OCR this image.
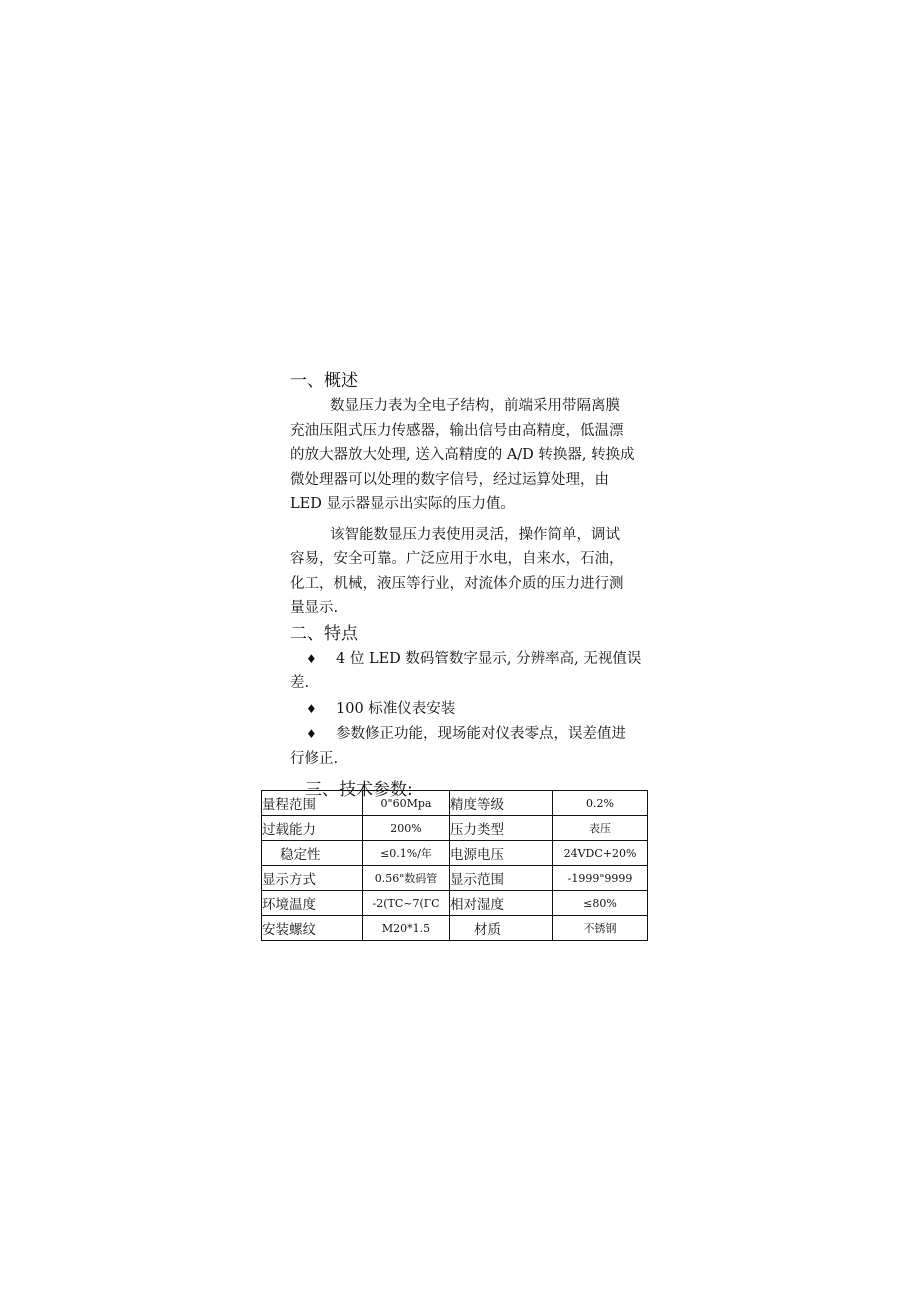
一、概述

数显压力表为全电子结构，前端采用带隔离膜
充油压阻式压力传感器，输出信号由高精度，低温漂
的放大器放大处理, 送入高精度的 A/D 转换器, 转换成
微处理器可以处理的数字信号，经过运算处理，由
LED 显示器显示出实际的压力值。

该智能数显压力表使用灵活，操作简单，调试
容易，安全可靠。广泛应用于水电，自来水，石油，
化工，机械，液压等行业，对流体介质的压力进行测
量显示.

二、特点
♦ 4 位 LED 数码管数字显示, 分辨率高, 无视值误
差.
♦ 100 标准仪表安装
♦ 参数修正功能，现场能对仪表零点，误差值进
行修正.
三、技术参数:
量程范围	0"60Mpa	精度等级	0.2%
过载能力	200%	压力类型	表压
稳定性	≤0.1%/年	电源电压	24VDC+20%
显示方式	0.56"数码管	显示范围	-1999"9999
环境温度	-2(TC~7(ГC	相对湿度	≤80%
安装螺纹	M20*1.5	材质	不锈钢
